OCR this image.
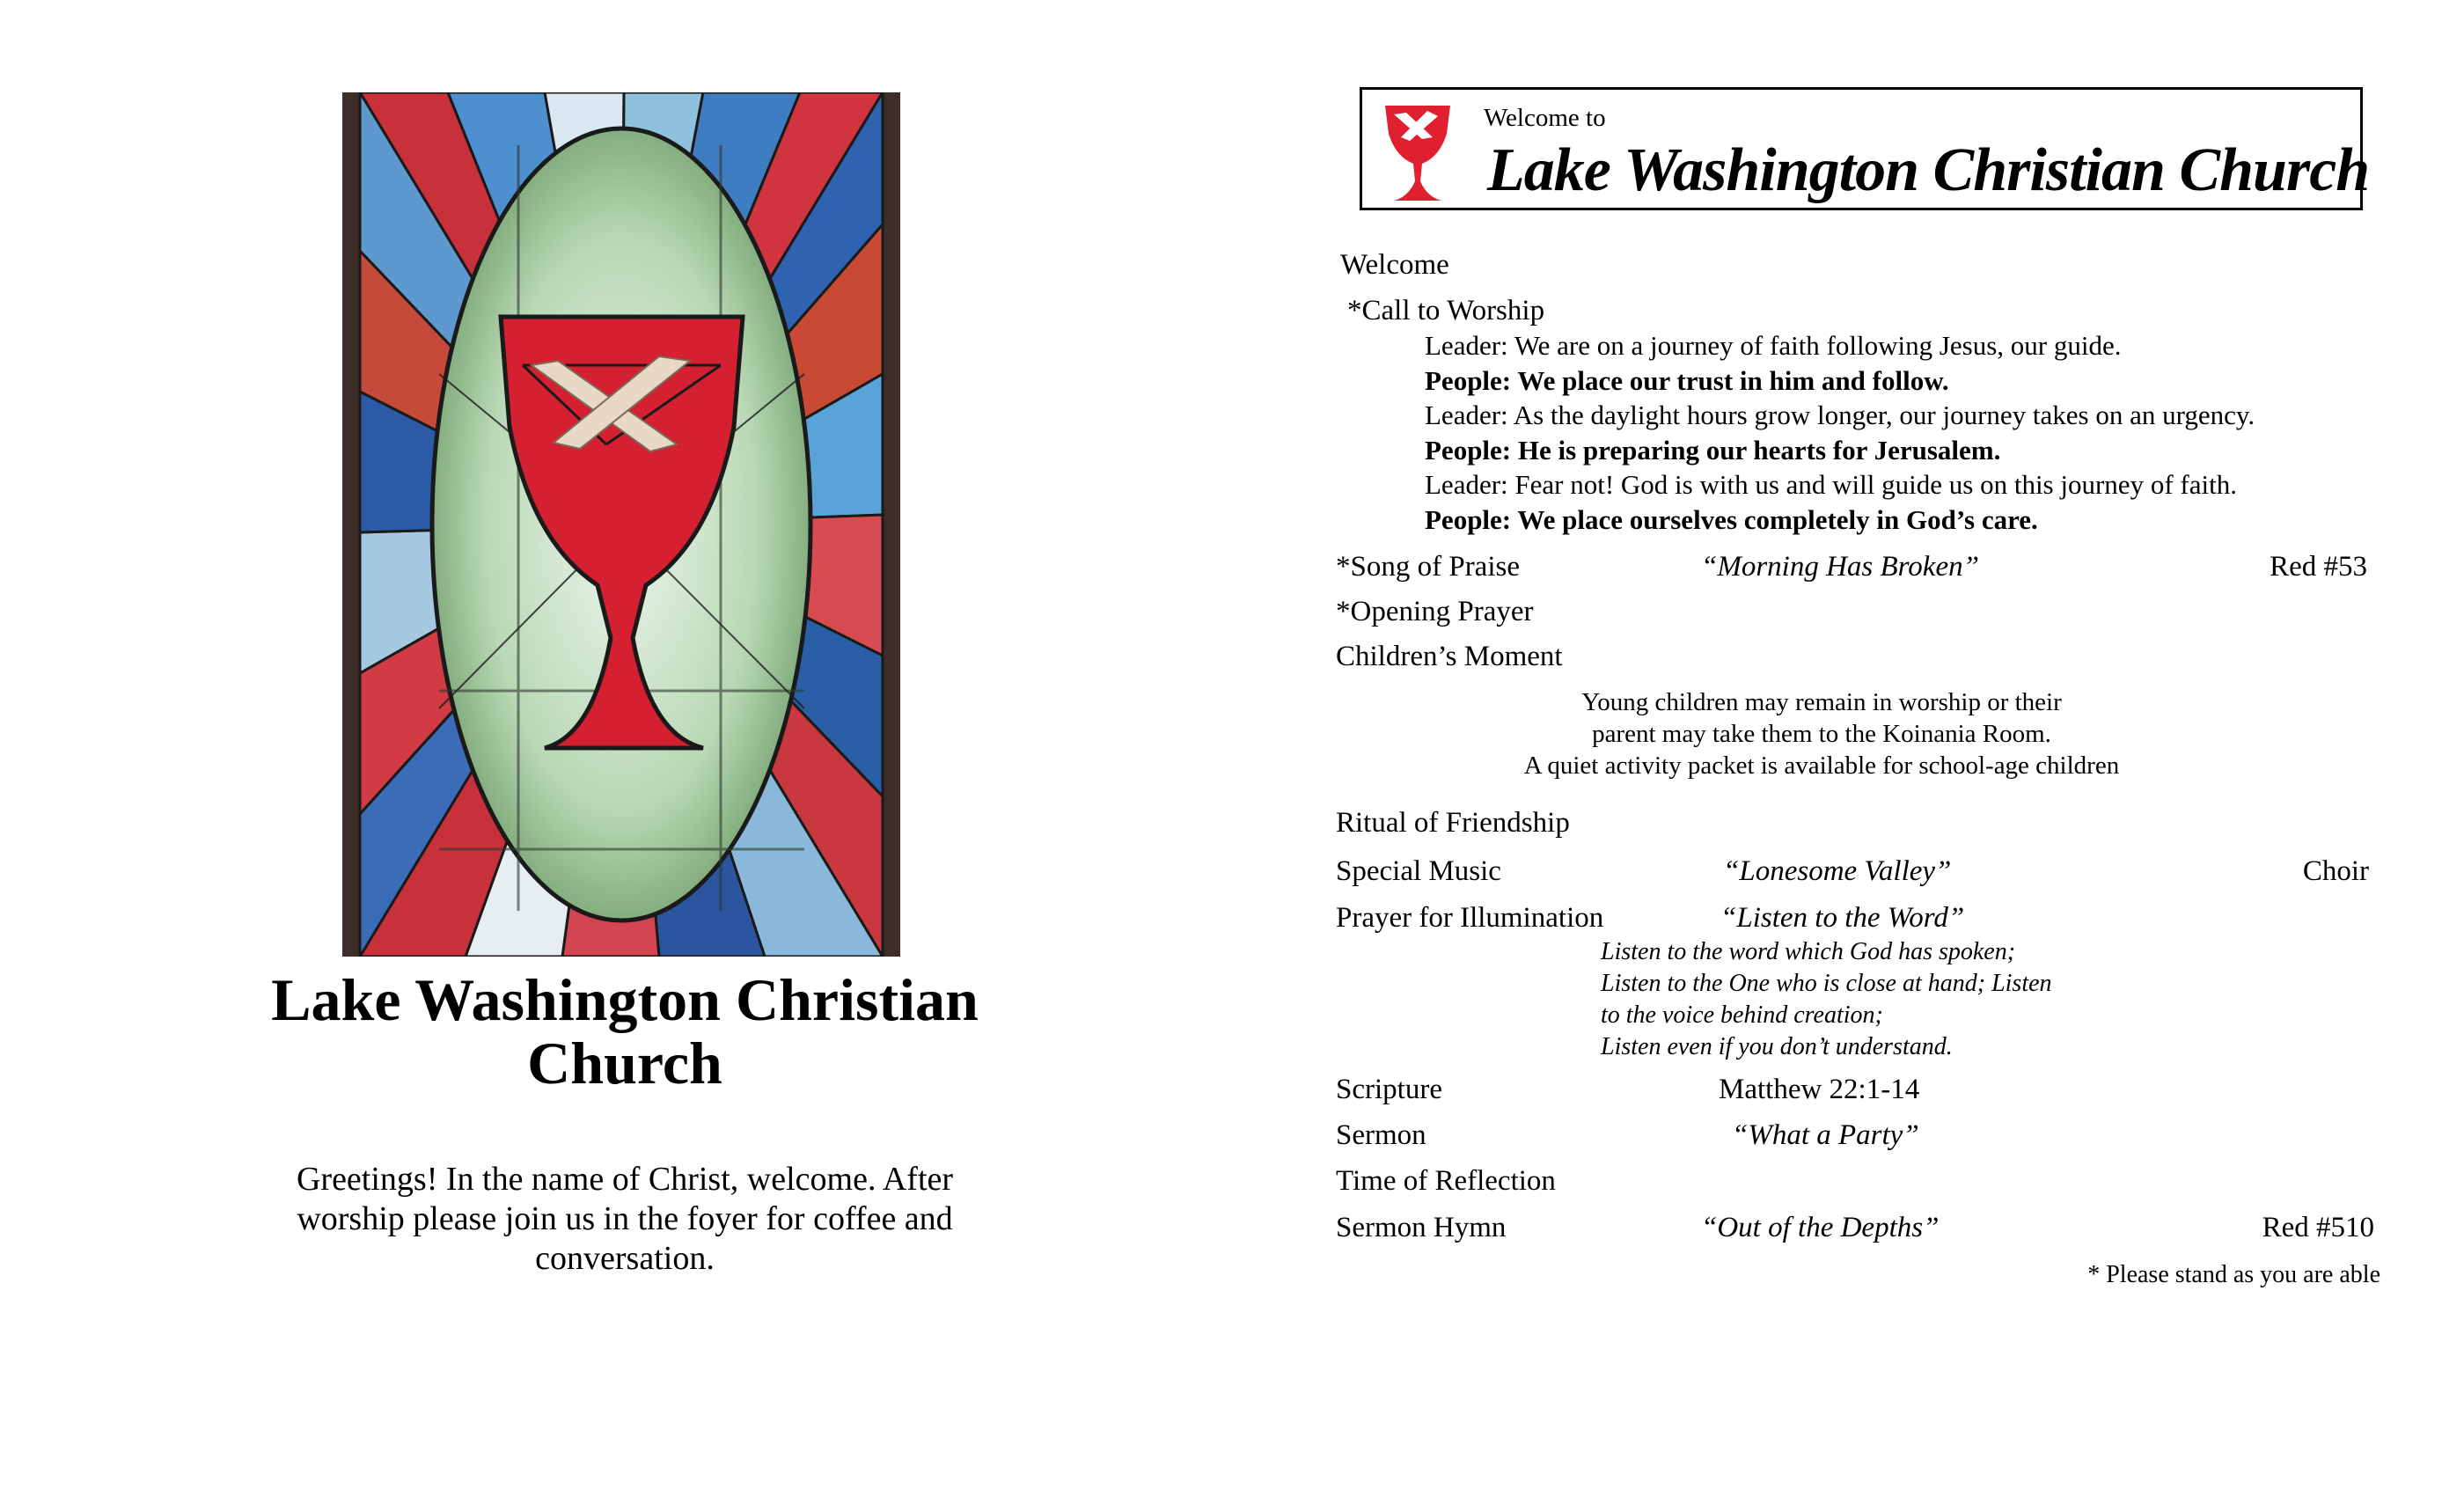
Lake Washington Christian
Church
Greetings! In the name of Christ, welcome. After worship please join us in the foyer for coffee and conversation.
Welcome to
Lake Washington Christian Church
Welcome
*Call to Worship
Leader: We are on a journey of faith following Jesus, our guide.
People: We place our trust in him and follow.
Leader: As the daylight hours grow longer, our journey takes on an urgency.
People: He is preparing our hearts for Jerusalem.
Leader: Fear not! God is with us and will guide us on this journey of faith.
People: We place ourselves completely in God’s care.
*Song of Praise	“Morning Has Broken”	Red #53
*Opening Prayer
Children’s Moment
Young children may remain in worship or their
parent may take them to the Koinania Room.
A quiet activity packet is available for school-age children
Ritual of Friendship
Special Music	“Lonesome Valley”	Choir
Prayer for Illumination	“Listen to the Word”
Listen to the word which God has spoken;
Listen to the One who is close at hand; Listen
to the voice behind creation;
Listen even if you don’t understand.
Scripture	Matthew 22:1-14
Sermon	“What a Party”
Time of Reflection
Sermon Hymn	“Out of the Depths”	Red #510
* Please stand as you are able
